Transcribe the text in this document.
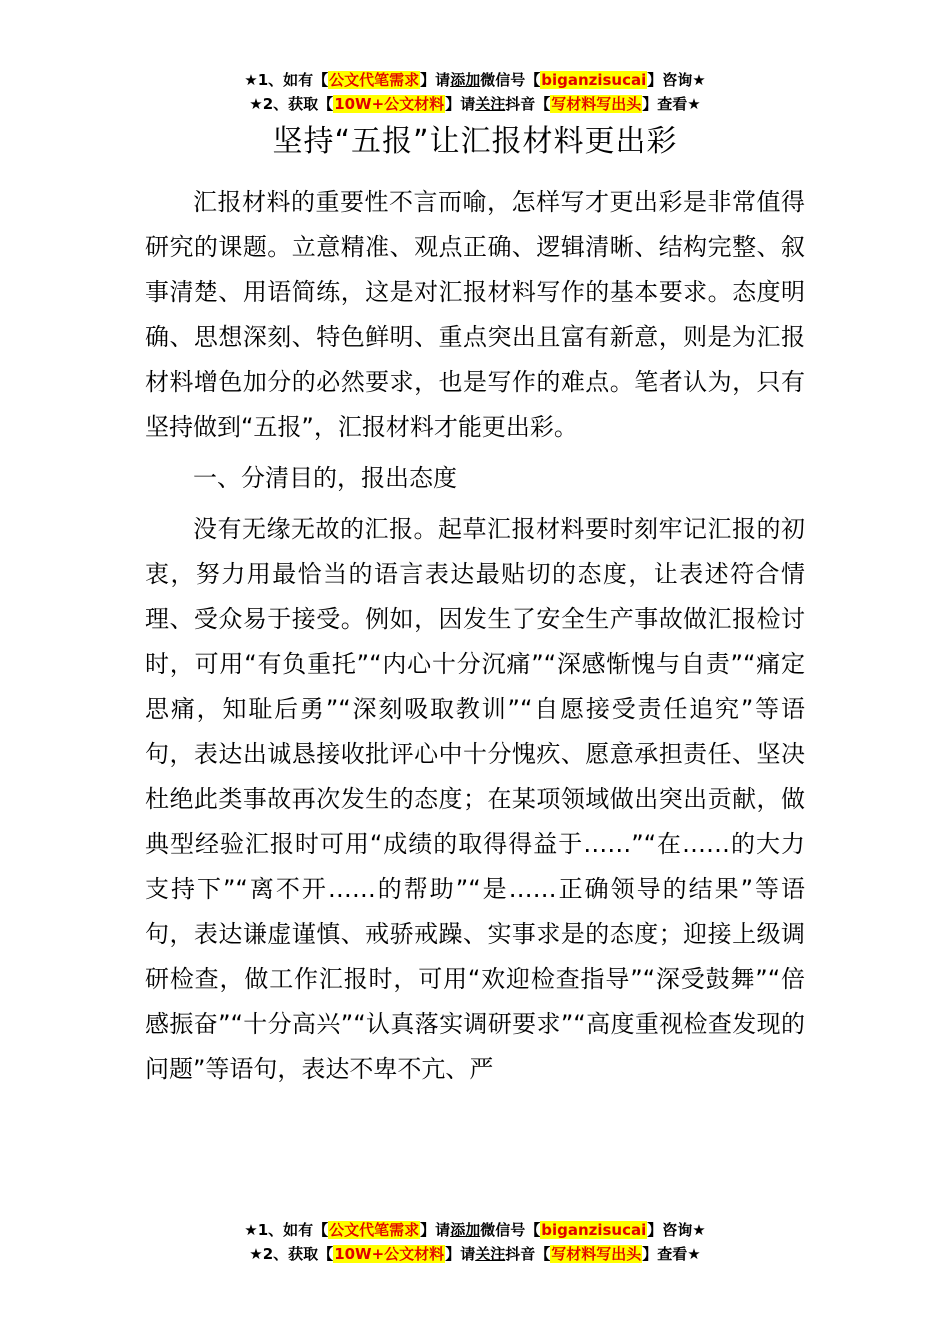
★1、如有【公文代笔需求】请添加微信号【biganzisucai】咨询★
★2、获取【10W+公文材料】请关注抖音【写材料写出头】查看★
坚持“五报”让汇报材料更出彩

汇报材料的重要性不言而喻，怎样写才更出彩是非常值得研究的课题。立意精准、观点正确、逻辑清晰、结构完整、叙事清楚、用语简练，这是对汇报材料写作的基本要求。态度明确、思想深刻、特色鲜明、重点突出且富有新意，则是为汇报材料增色加分的必然要求，也是写作的难点。笔者认为，只有坚持做到“五报”，汇报材料才能更出彩。

一、分清目的，报出态度

没有无缘无故的汇报。起草汇报材料要时刻牢记汇报的初衷，努力用最恰当的语言表达最贴切的态度，让表述符合情理、受众易于接受。例如，因发生了安全生产事故做汇报检讨时，可用“有负重托”“内心十分沉痛”“深感惭愧与自责”“痛定思痛，知耻后勇”“深刻吸取教训”“自愿接受责任追究”等语句，表达出诚恳接收批评心中十分愧疚、愿意承担责任、坚决杜绝此类事故再次发生的态度；在某项领域做出突出贡献，做典型经验汇报时可用“成绩的取得得益于……”“在……的大力支持下”“离不开……的帮助”“是……正确领导的结果”等语句，表达谦虚谨慎、戒骄戒躁、实事求是的态度；迎接上级调研检查，做工作汇报时，可用“欢迎检查指导”“深受鼓舞”“倍感振奋”“十分高兴”“认真落实调研要求”“高度重视检查发现的问题”等语句，表达不卑不亢、严

★1、如有【公文代笔需求】请添加微信号【biganzisucai】咨询★
★2、获取【10W+公文材料】请关注抖音【写材料写出头】查看★
